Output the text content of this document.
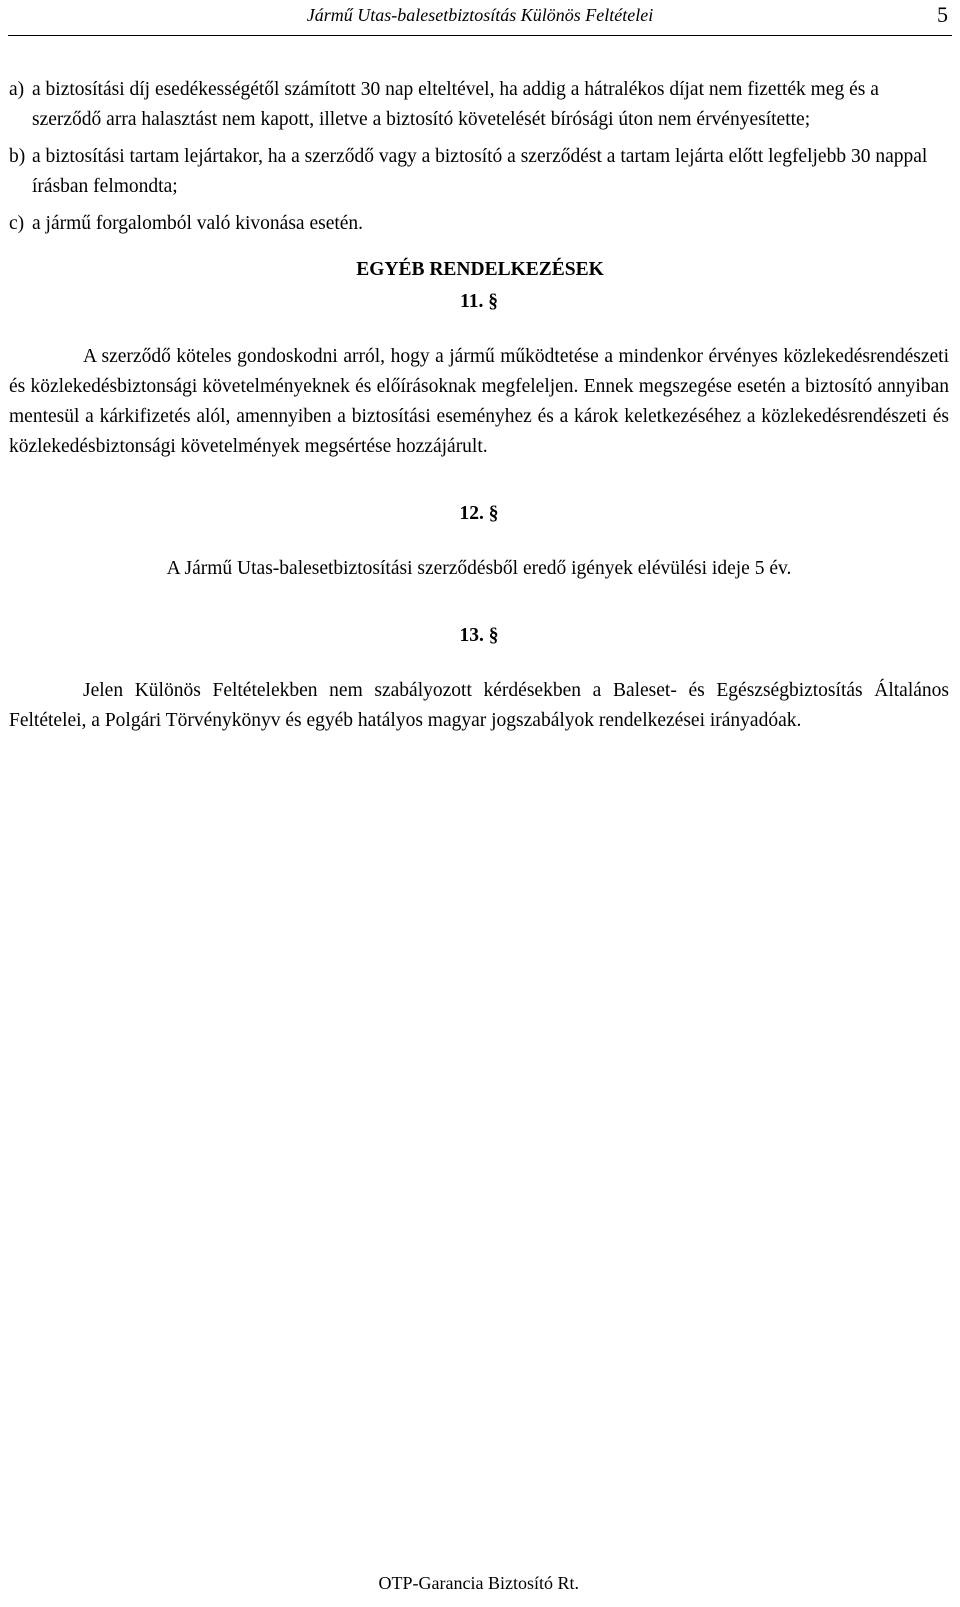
Jármű Utas-balesetbiztosítás Különös Feltételei	5
a) a biztosítási díj esedékességétől számított 30 nap elteltével, ha addig a hátralékos díjat nem fizették meg és a szerződő arra halasztást nem kapott, illetve a biztosító követelését bírósági úton nem érvényesítette;
b) a biztosítási tartam lejártakor, ha a szerződő vagy a biztosító a szerződést a tartam lejárta előtt legfeljebb 30 nappal írásban felmondta;
c) a jármű forgalomból való kivonása esetén.
EGYÉB RENDELKEZÉSEK
11. §
A szerződő köteles gondoskodni arról, hogy a jármű működtetése a mindenkor érvényes közlekedésrendészeti és közlekedésbiztonsági követelményeknek és előírásoknak megfeleljen. Ennek megszegése esetén a biztosító annyiban mentesül a kárkifizetés alól, amennyiben a biztosítási eseményhez és a károk keletkezéséhez a közlekedésrendészeti és közlekedésbiztonsági követelmények megsértése hozzájárult.
12. §
A Jármű Utas-balesetbiztosítási szerződésből eredő igények elévülési ideje 5 év.
13. §
Jelen Különös Feltételekben nem szabályozott kérdésekben a Baleset- és Egészségbiztosítás Általános Feltételei, a Polgári Törvénykönyv és egyéb hatályos magyar jogszabályok rendelkezései irányadóak.
OTP-Garancia Biztosító Rt.
